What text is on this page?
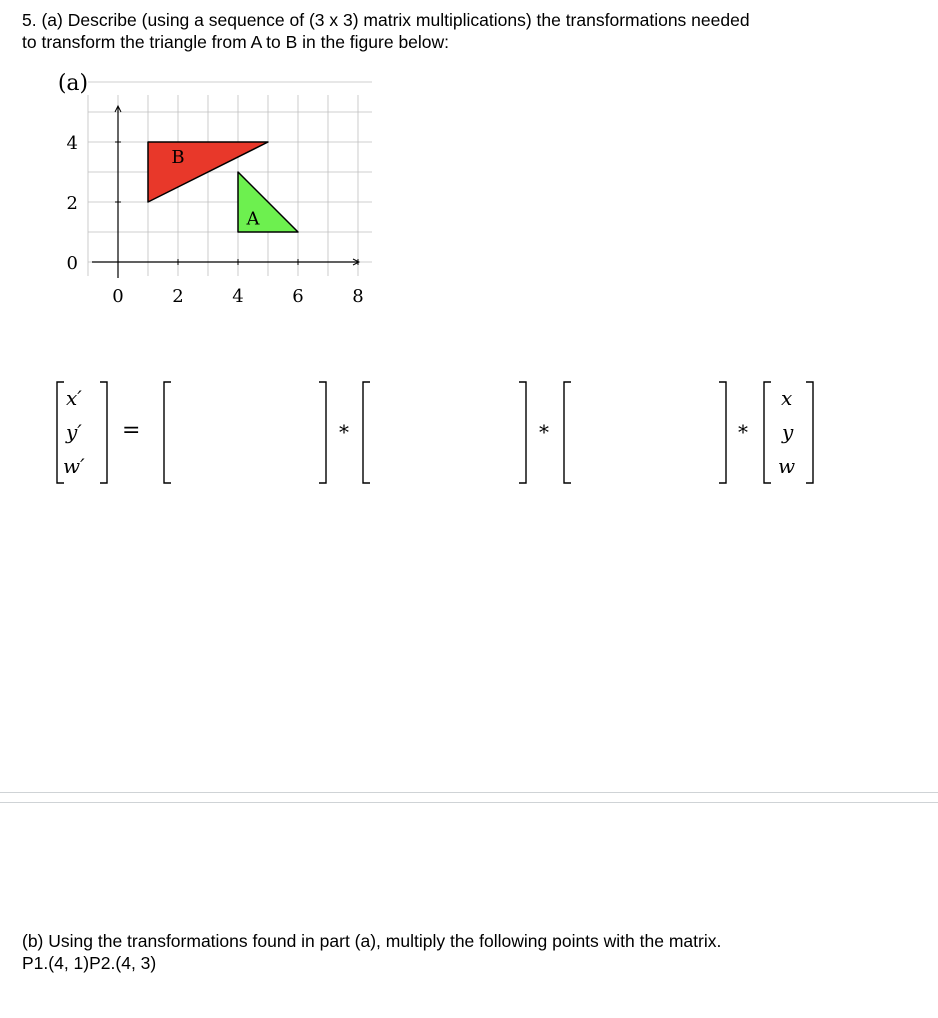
5. (a) Describe (using a sequence of (3 x 3) matrix multiplications) the transformations needed
to transform the triangle from A to B in the figure below:
(a)
B
A
0	2	4	6	8
0
2
4
x′
y′
w′
=	*	*	*
x
y
w
(b) Using the transformations found in part (a), multiply the following points with the matrix.
P1.(4, 1)P2.(4, 3)
